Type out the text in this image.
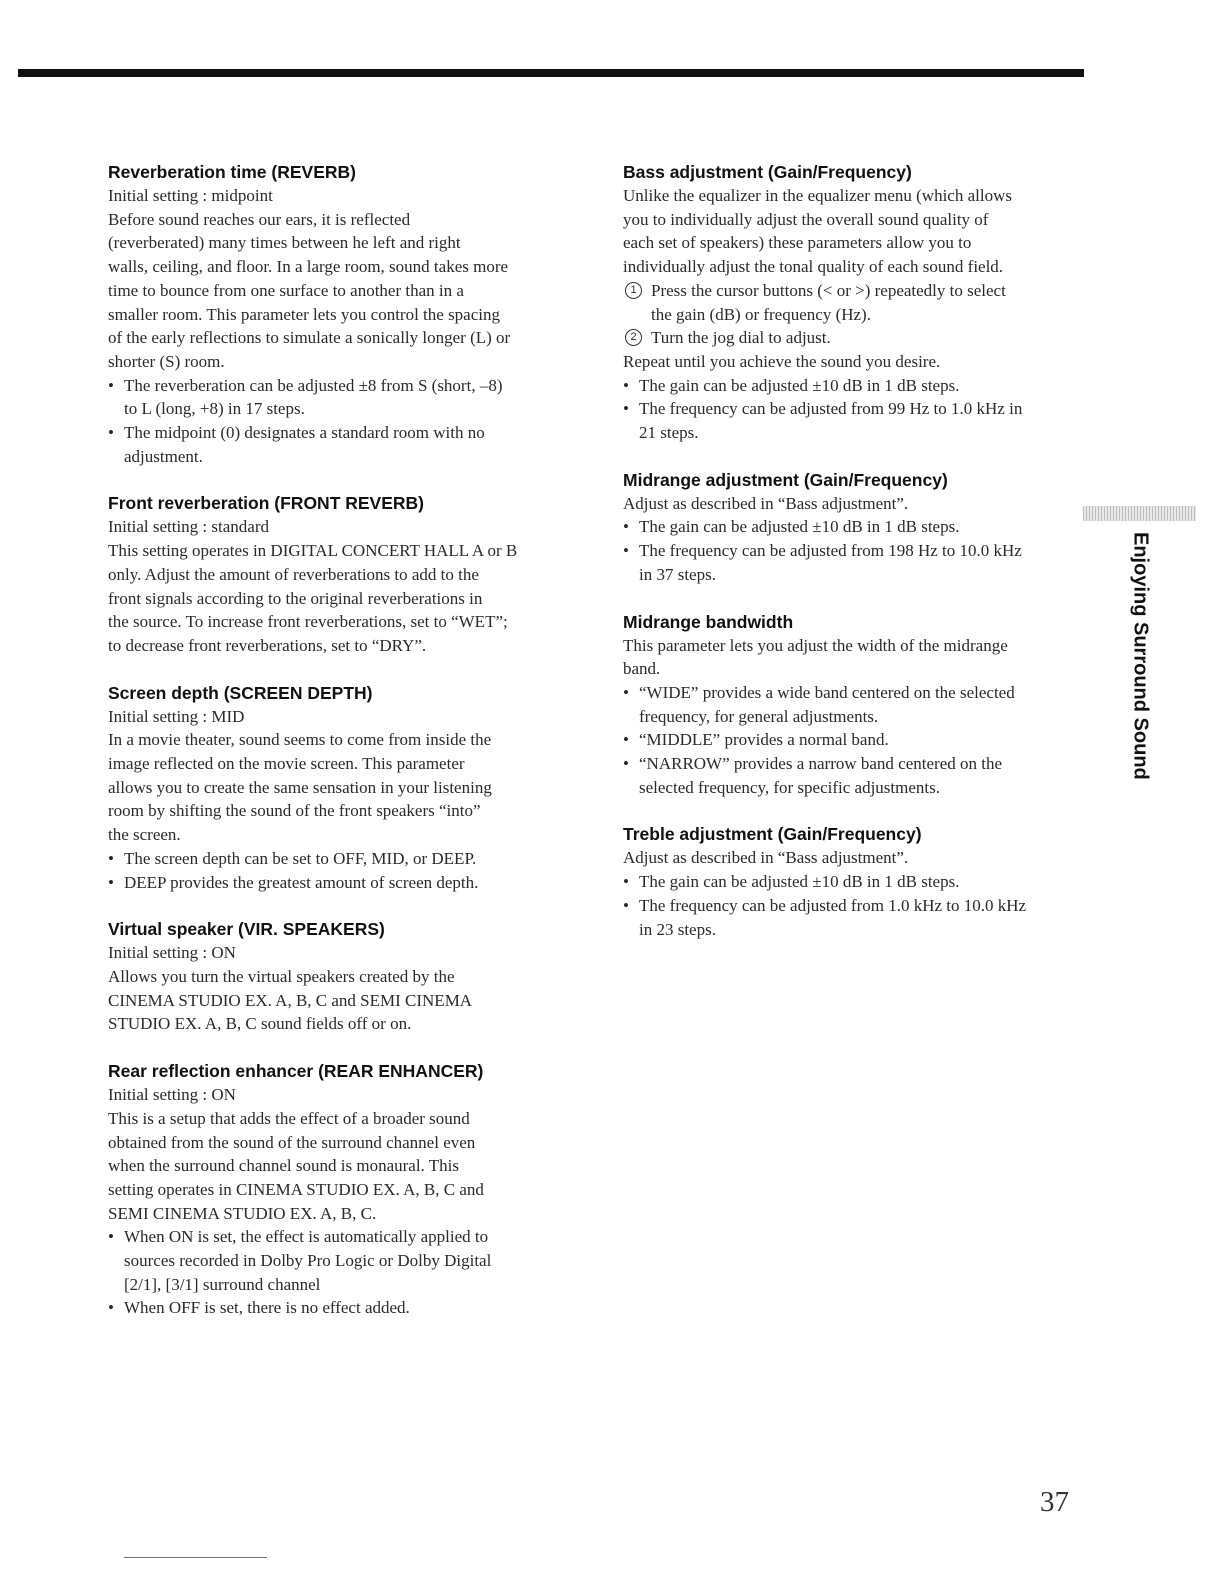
Reverberation time (REVERB)
Initial setting : midpoint
Before sound reaches our ears, it is reflected
(reverberated) many times between he left and right
walls, ceiling, and floor. In a large room, sound takes more
time to bounce from one surface to another than in a
smaller room. This parameter lets you control the spacing
of the early reflections to simulate a sonically longer (L) or
shorter (S) room.
• The reverberation can be adjusted ±8 from S (short, –8)
to L (long, +8) in 17 steps.
• The midpoint (0) designates a standard room with no
adjustment.
Front reverberation (FRONT REVERB)
Initial setting : standard
This setting operates in DIGITAL CONCERT HALL A or B
only. Adjust the amount of reverberations to add to the
front signals according to the original reverberations in
the source. To increase front reverberations, set to “WET”;
to decrease front reverberations, set to “DRY”.
Screen depth (SCREEN DEPTH)
Initial setting : MID
In a movie theater, sound seems to come from inside the
image reflected on the movie screen. This parameter
allows you to create the same sensation in your listening
room by shifting the sound of the front speakers “into”
the screen.
• The screen depth can be set to OFF, MID, or DEEP.
• DEEP provides the greatest amount of screen depth.
Virtual speaker (VIR. SPEAKERS)
Initial setting : ON
Allows you turn the virtual speakers created by the
CINEMA STUDIO EX. A, B, C and SEMI CINEMA
STUDIO EX. A, B, C sound fields off or on.
Rear reflection enhancer (REAR ENHANCER)
Initial setting : ON
This is a setup that adds the effect of a broader sound
obtained from the sound of the surround channel even
when the surround channel sound is monaural. This
setting operates in CINEMA STUDIO EX. A, B, C and
SEMI CINEMA STUDIO EX. A, B, C.
• When ON is set, the effect is automatically applied to
sources recorded in Dolby Pro Logic or Dolby Digital
[2/1], [3/1] surround channel
• When OFF is set, there is no effect added.
Bass adjustment (Gain/Frequency)
Unlike the equalizer in the equalizer menu (which allows
you to individually adjust the overall sound quality of
each set of speakers) these parameters allow you to
individually adjust the tonal quality of each sound field.
1 Press the cursor buttons (< or >) repeatedly to select
the gain (dB) or frequency (Hz).
2 Turn the jog dial to adjust.
Repeat until you achieve the sound you desire.
• The gain can be adjusted ±10 dB in 1 dB steps.
• The frequency can be adjusted from 99 Hz to 1.0 kHz in
21 steps.
Midrange adjustment (Gain/Frequency)
Adjust as described in “Bass adjustment”.
• The gain can be adjusted ±10 dB in 1 dB steps.
• The frequency can be adjusted from 198 Hz to 10.0 kHz
in 37 steps.
Midrange bandwidth
This parameter lets you adjust the width of the midrange
band.
• “WIDE” provides a wide band centered on the selected
frequency, for general adjustments.
• “MIDDLE” provides a normal band.
• “NARROW” provides a narrow band centered on the
selected frequency, for specific adjustments.
Treble adjustment (Gain/Frequency)
Adjust as described in “Bass adjustment”.
• The gain can be adjusted ±10 dB in 1 dB steps.
• The frequency can be adjusted from 1.0 kHz to 10.0 kHz
in 23 steps.
Enjoying Surround Sound
37
